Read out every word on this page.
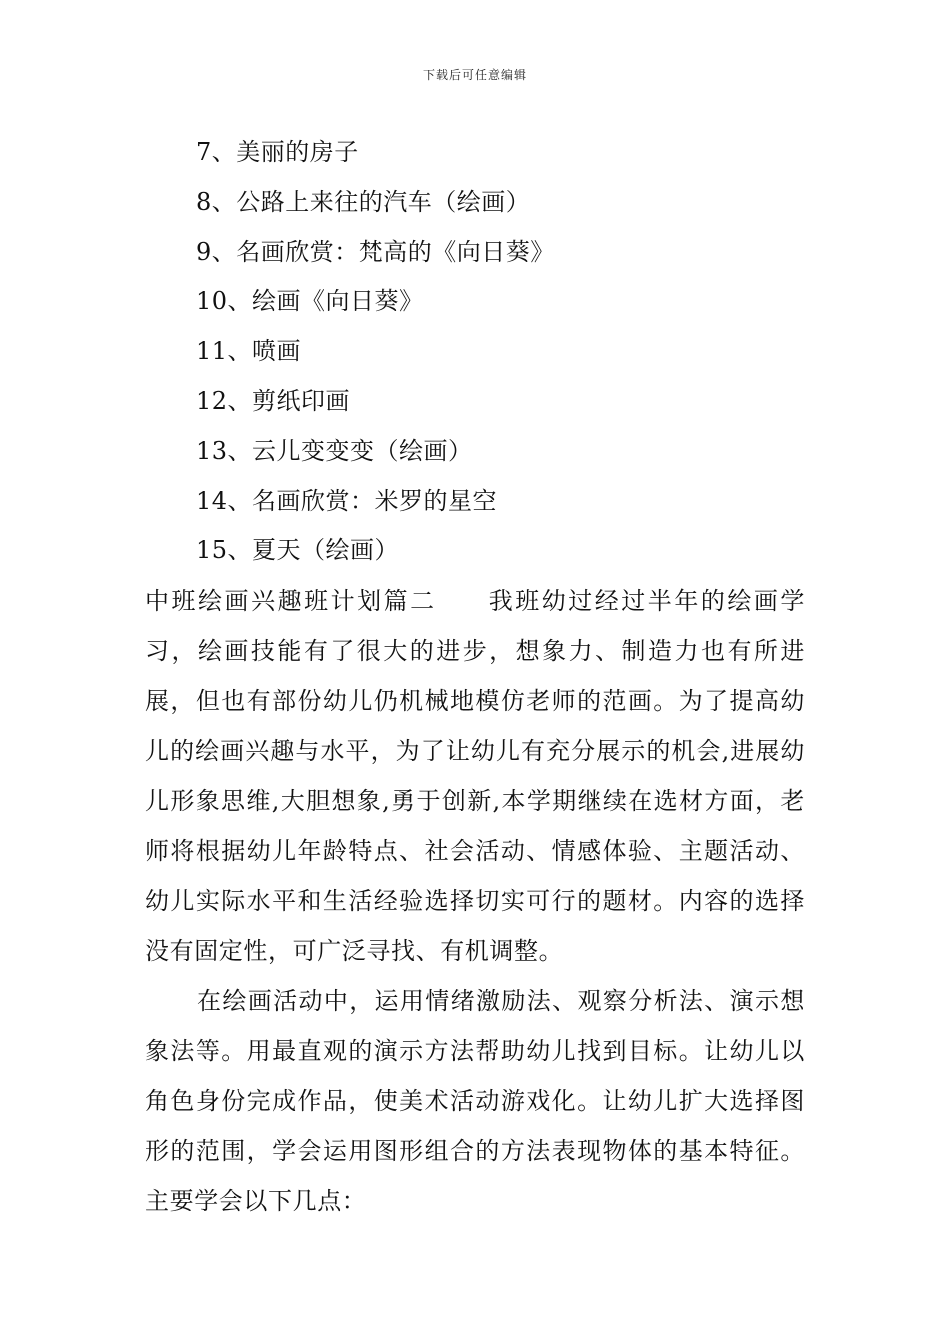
下载后可任意编辑
7、美丽的房子
8、公路上来往的汽车（绘画）
9、名画欣赏：梵高的《向日葵》
10、绘画《向日葵》
11、喷画
12、剪纸印画
13、云儿变变变（绘画）
14、名画欣赏：米罗的星空
15、夏天（绘画）

中班绘画兴趣班计划篇二 我班幼过经过半年的绘画学习，绘画技能有了很大的进步，想象力、制造力也有所进展，但也有部份幼儿仍机械地模仿老师的范画。为了提高幼儿的绘画兴趣与水平，为了让幼儿有充分展示的机会,进展幼儿形象思维,大胆想象,勇于创新,本学期继续在选材方面，老师将根据幼儿年龄特点、社会活动、情感体验、主题活动、幼儿实际水平和生活经验选择切实可行的题材。内容的选择没有固定性，可广泛寻找、有机调整。

在绘画活动中，运用情绪激励法、观察分析法、演示想象法等。用最直观的演示方法帮助幼儿找到目标。让幼儿以角色身份完成作品，使美术活动游戏化。让幼儿扩大选择图形的范围，学会运用图形组合的方法表现物体的基本特征。主要学会以下几点：
